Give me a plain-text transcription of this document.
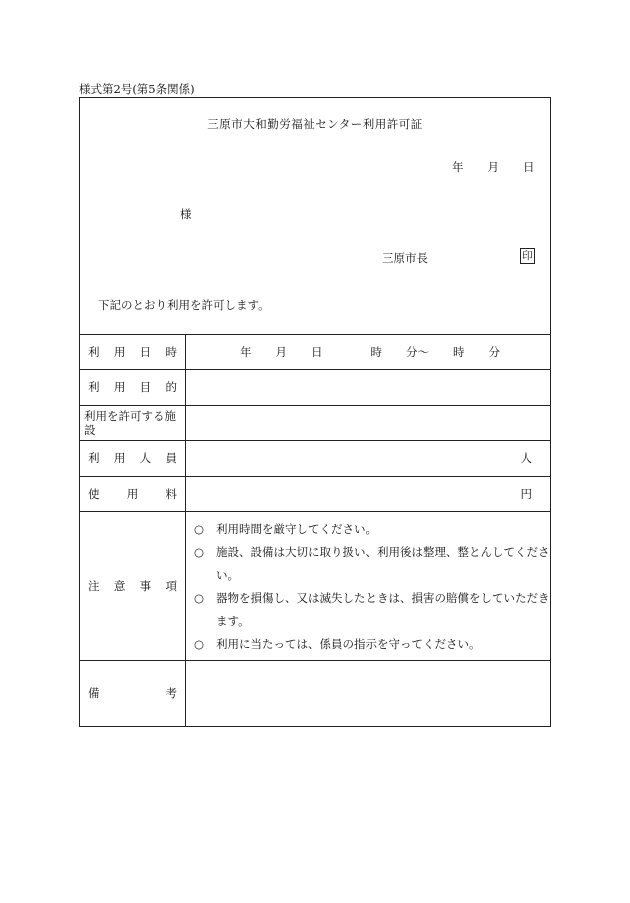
様式第2号(第5条関係)
三原市大和勤労福祉センター利用許可証
年 月 日
様
三原市長	印
下記のとおり利用を許可します。
利 用 日 時	年 月 日	時 分〜 時 分
利 用 目 的
利用を許可する施設
利 用 人 員	人
使 用 料	円
注 意 事 項
○	利用時間を厳守してください。
○	施設、設備は大切に取り扱い、利用後は整理、整とんしてください。
○	器物を損傷し、又は滅失したときは、損害の賠償をしていただきます。
○	利用に当たっては、係員の指示を守ってください。
備	考
